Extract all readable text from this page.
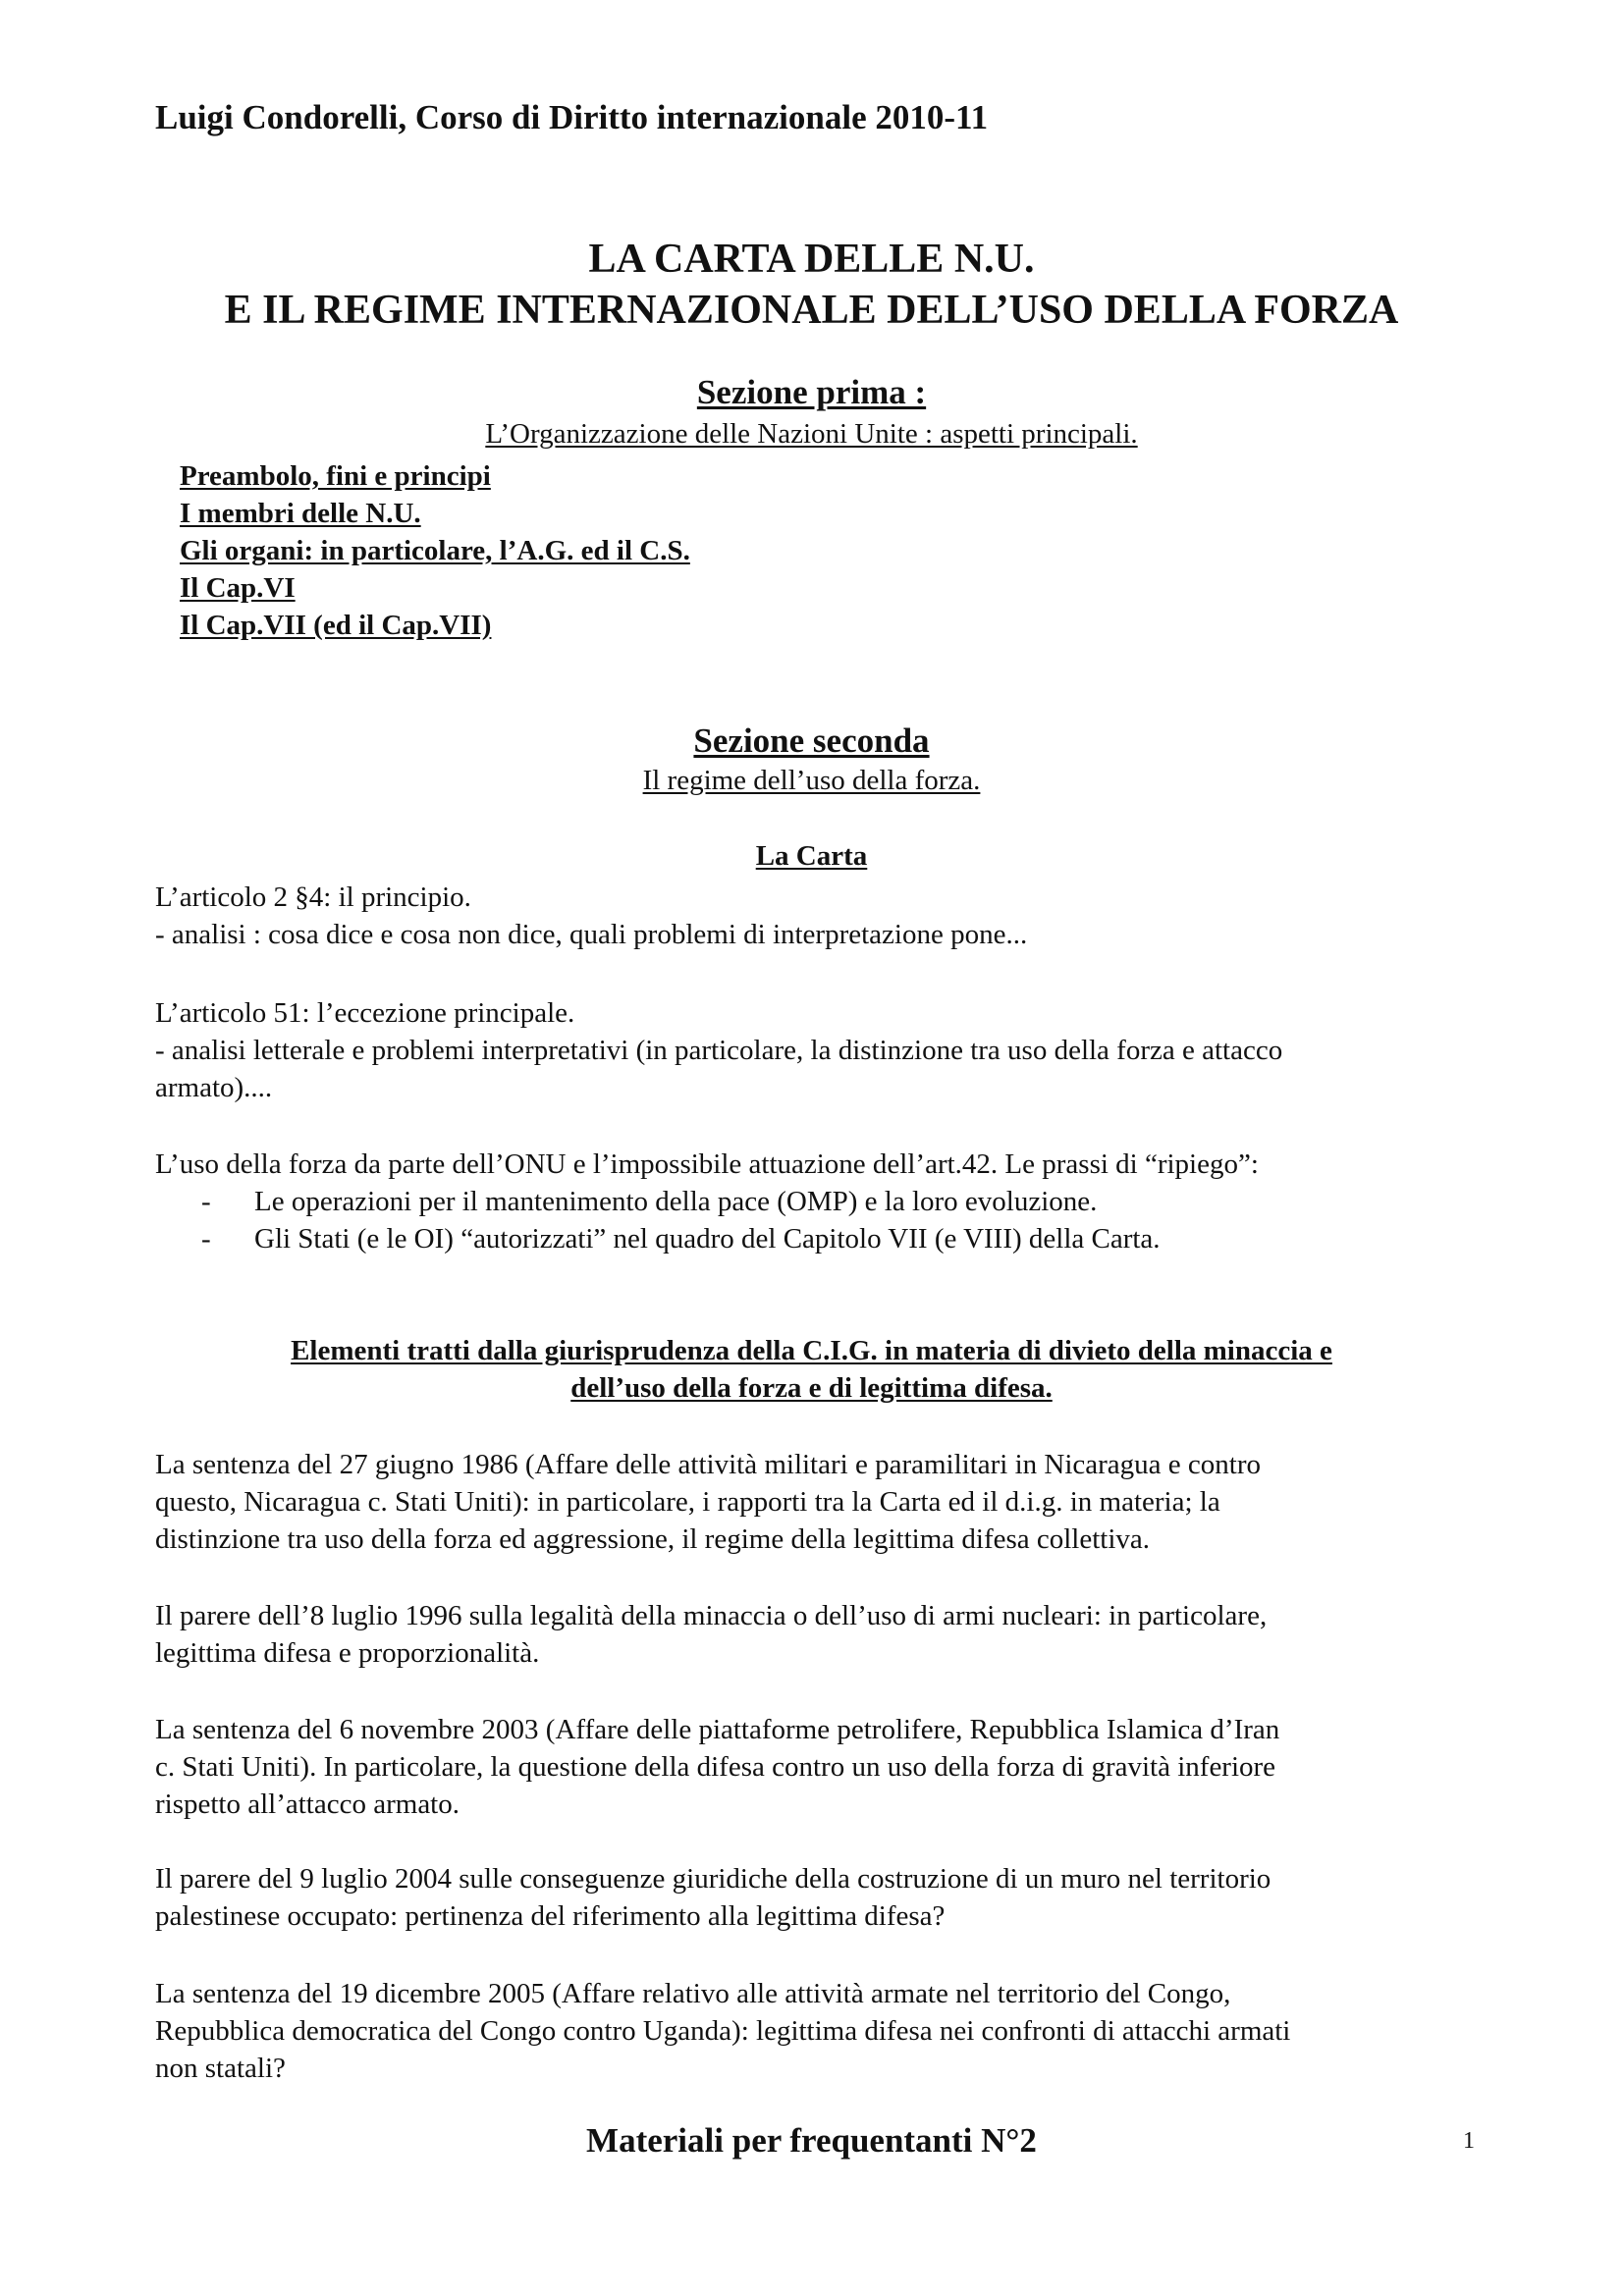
Luigi Condorelli, Corso di Diritto internazionale 2010-11
LA CARTA DELLE N.U.
E IL REGIME INTERNAZIONALE DELL’USO DELLA FORZA
Sezione prima :
L’Organizzazione delle Nazioni Unite : aspetti principali.
Preambolo, fini e principi
I membri delle N.U.
Gli organi: in particolare, l’A.G. ed il C.S.
Il Cap.VI
Il Cap.VII (ed il Cap.VII)
Sezione seconda
Il regime dell’uso della forza.
La Carta
L’articolo 2 §4: il principio.
- analisi : cosa dice e cosa non dice, quali problemi di interpretazione pone...
L’articolo 51: l’eccezione principale.
- analisi letterale e problemi interpretativi (in particolare, la distinzione tra uso della forza e attacco
armato)....
L’uso della forza da parte dell’ONU e l’impossibile attuazione dell’art.42. Le prassi di “ripiego”:
- Le operazioni per il mantenimento della pace (OMP) e la loro evoluzione.
- Gli Stati (e le OI) “autorizzati” nel quadro del Capitolo VII (e VIII) della Carta.
Elementi tratti dalla giurisprudenza della C.I.G. in materia di divieto della minaccia e
dell’uso della forza e di legittima difesa.
La sentenza del 27 giugno 1986 (Affare delle attività militari e paramilitari in Nicaragua e contro
questo, Nicaragua c. Stati Uniti): in particolare, i rapporti tra la Carta ed il d.i.g. in materia; la
distinzione tra uso della forza ed aggressione, il regime della legittima difesa collettiva.
Il parere dell’8 luglio 1996 sulla legalità della minaccia o dell’uso di armi nucleari: in particolare,
legittima difesa e proporzionalità.
La sentenza del 6 novembre 2003 (Affare delle piattaforme petrolifere, Repubblica Islamica d’Iran
c. Stati Uniti). In particolare, la questione della difesa contro un uso della forza di gravità inferiore
rispetto all’attacco armato.
Il parere del 9 luglio 2004 sulle conseguenze giuridiche della costruzione di un muro nel territorio
palestinese occupato: pertinenza del riferimento alla legittima difesa?
La sentenza del 19 dicembre 2005 (Affare relativo alle attività armate nel territorio del Congo,
Repubblica democratica del Congo contro Uganda): legittima difesa nei confronti di attacchi armati
non statali?
Materiali per frequentanti N°2	1
